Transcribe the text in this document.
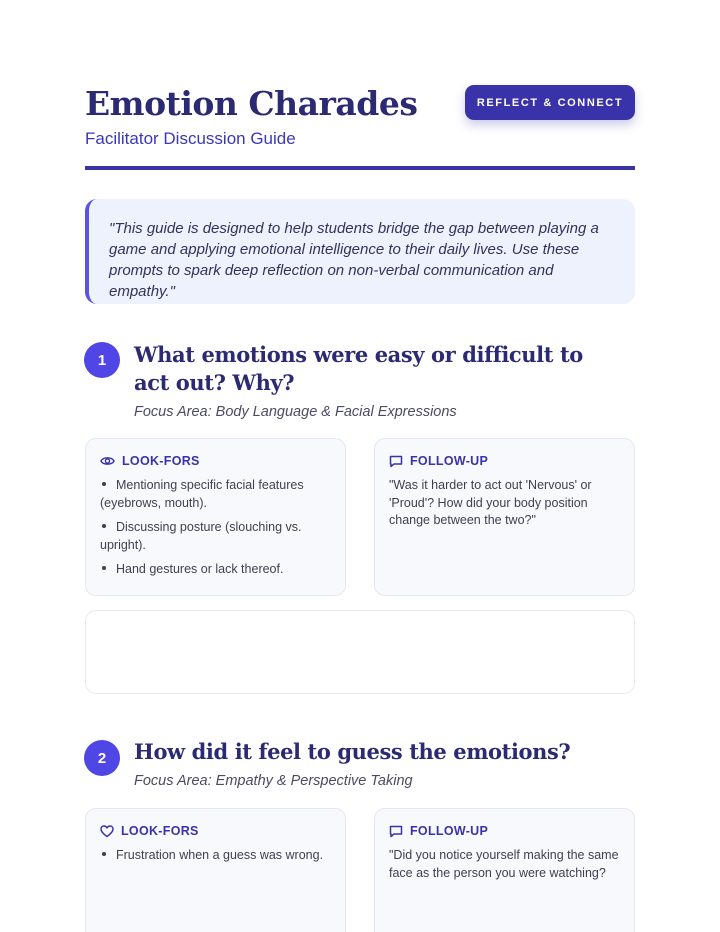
Emotion Charades
Facilitator Discussion Guide
REFLECT & CONNECT
"This guide is designed to help students bridge the gap between playing a game and applying emotional intelligence to their daily lives. Use these prompts to spark deep reflection on non-verbal communication and empathy."
1	What emotions were easy or difficult to act out? Why?
Focus Area: Body Language & Facial Expressions
LOOK-FORS
Mentioning specific facial features (eyebrows, mouth).
Discussing posture (slouching vs. upright).
Hand gestures or lack thereof.
FOLLOW-UP

"Was it harder to act out 'Nervous' or 'Proud'? How did your body position change between the two?"

2	How did it feel to guess the emotions?
Focus Area: Empathy & Perspective Taking
LOOK-FORS
Frustration when a guess was wrong.
FOLLOW-UP

"Did you notice yourself making the same face as the person you were watching?
